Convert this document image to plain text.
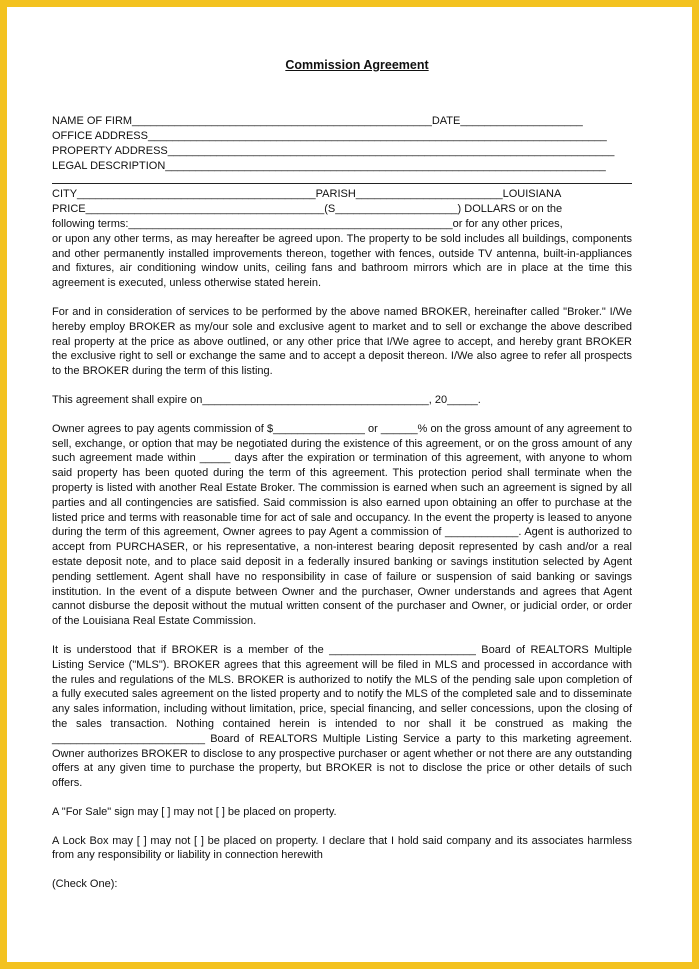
Commission Agreement
NAME OF FIRM_________________________________________________DATE____________________
OFFICE ADDRESS___________________________________________________________________________
PROPERTY ADDRESS_________________________________________________________________________
LEGAL DESCRIPTION________________________________________________________________________
CITY_______________________________________PARISH________________________LOUISIANA
PRICE_______________________________________(S____________________) DOLLARS or on the
following terms:_____________________________________________________or for any other prices,

or upon any other terms, as may hereafter be agreed upon. The property to be sold includes all buildings, components and other permanently installed improvements thereon, together with fences, outside TV antenna, built-in-appliances and fixtures, air conditioning window units, ceiling fans and bathroom mirrors which are in place at the time this agreement is executed, unless otherwise stated herein.

For and in consideration of services to be performed by the above named BROKER, hereinafter called "Broker." I/We hereby employ BROKER as my/our sole and exclusive agent to market and to sell or exchange the above described real property at the price as above outlined, or any other price that I/We agree to accept, and hereby grant BROKER the exclusive right to sell or exchange the same and to accept a deposit thereon. I/We also agree to refer all prospects to the BROKER during the term of this listing.

This agreement shall expire on_____________________________________, 20_____.

Owner agrees to pay agents commission of $_______________ or ______% on the gross amount of any agreement to sell, exchange, or option that may be negotiated during the existence of this agreement, or on the gross amount of any such agreement made within _____ days after the expiration or termination of this agreement, with anyone to whom said property has been quoted during the term of this agreement. This protection period shall terminate when the property is listed with another Real Estate Broker. The commission is earned when such an agreement is signed by all parties and all contingencies are satisfied. Said commission is also earned upon obtaining an offer to purchase at the listed price and terms with reasonable time for act of sale and occupancy. In the event the property is leased to anyone during the term of this agreement, Owner agrees to pay Agent a commission of ____________. Agent is authorized to accept from PURCHASER, or his representative, a non-interest bearing deposit represented by cash and/or a real estate deposit note, and to place said deposit in a federally insured banking or savings institution selected by Agent pending settlement. Agent shall have no responsibility in case of failure or suspension of said banking or savings institution. In the event of a dispute between Owner and the purchaser, Owner understands and agrees that Agent cannot disburse the deposit without the mutual written consent of the purchaser and Owner, or judicial order, or order of the Louisiana Real Estate Commission.

It is understood that if BROKER is a member of the ________________________ Board of REALTORS Multiple Listing Service ("MLS"). BROKER agrees that this agreement will be filed in MLS and processed in accordance with the rules and regulations of the MLS. BROKER is authorized to notify the MLS of the pending sale upon completion of a fully executed sales agreement on the listed property and to notify the MLS of the completed sale and to disseminate any sales information, including without limitation, price, special financing, and seller concessions, upon the closing of the sales transaction. Nothing contained herein is intended to nor shall it be construed as making the _________________________ Board of REALTORS Multiple Listing Service a party to this marketing agreement. Owner authorizes BROKER to disclose to any prospective purchaser or agent whether or not there are any outstanding offers at any given time to purchase the property, but BROKER is not to disclose the price or other details of such offers.

A "For Sale" sign may [ ] may not [ ] be placed on property.

A Lock Box may [ ] may not [ ] be placed on property. I declare that I hold said company and its associates harmless from any responsibility or liability in connection herewith

(Check One):
